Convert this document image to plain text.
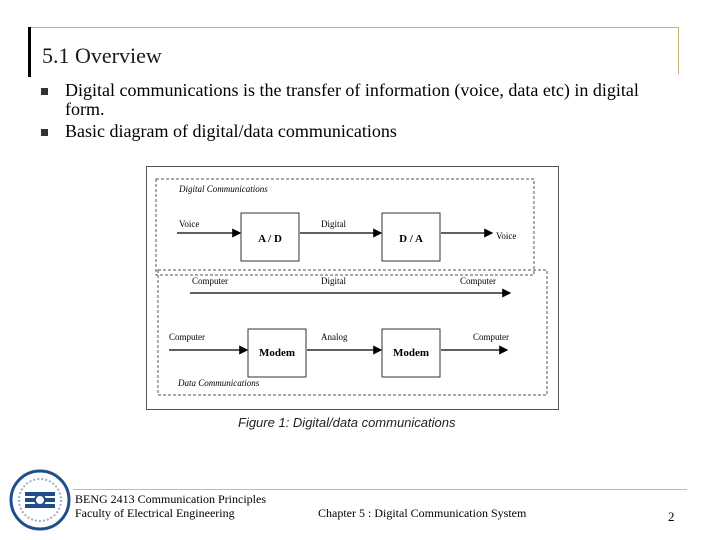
5.1 Overview
Digital communications is the transfer of information (voice, data etc) in digital form.
Basic diagram of digital/data communications
Digital Communications
Data Communications
Voice
A / D
Digital
D / A	Voice
Computer	Digital	Computer
Computer
Modem
Analog
Modem
Computer
Figure 1: Digital/data communications
BENG 2413 Communication Principles
Faculty of Electrical Engineering	Chapter 5 : Digital Communication System	2
